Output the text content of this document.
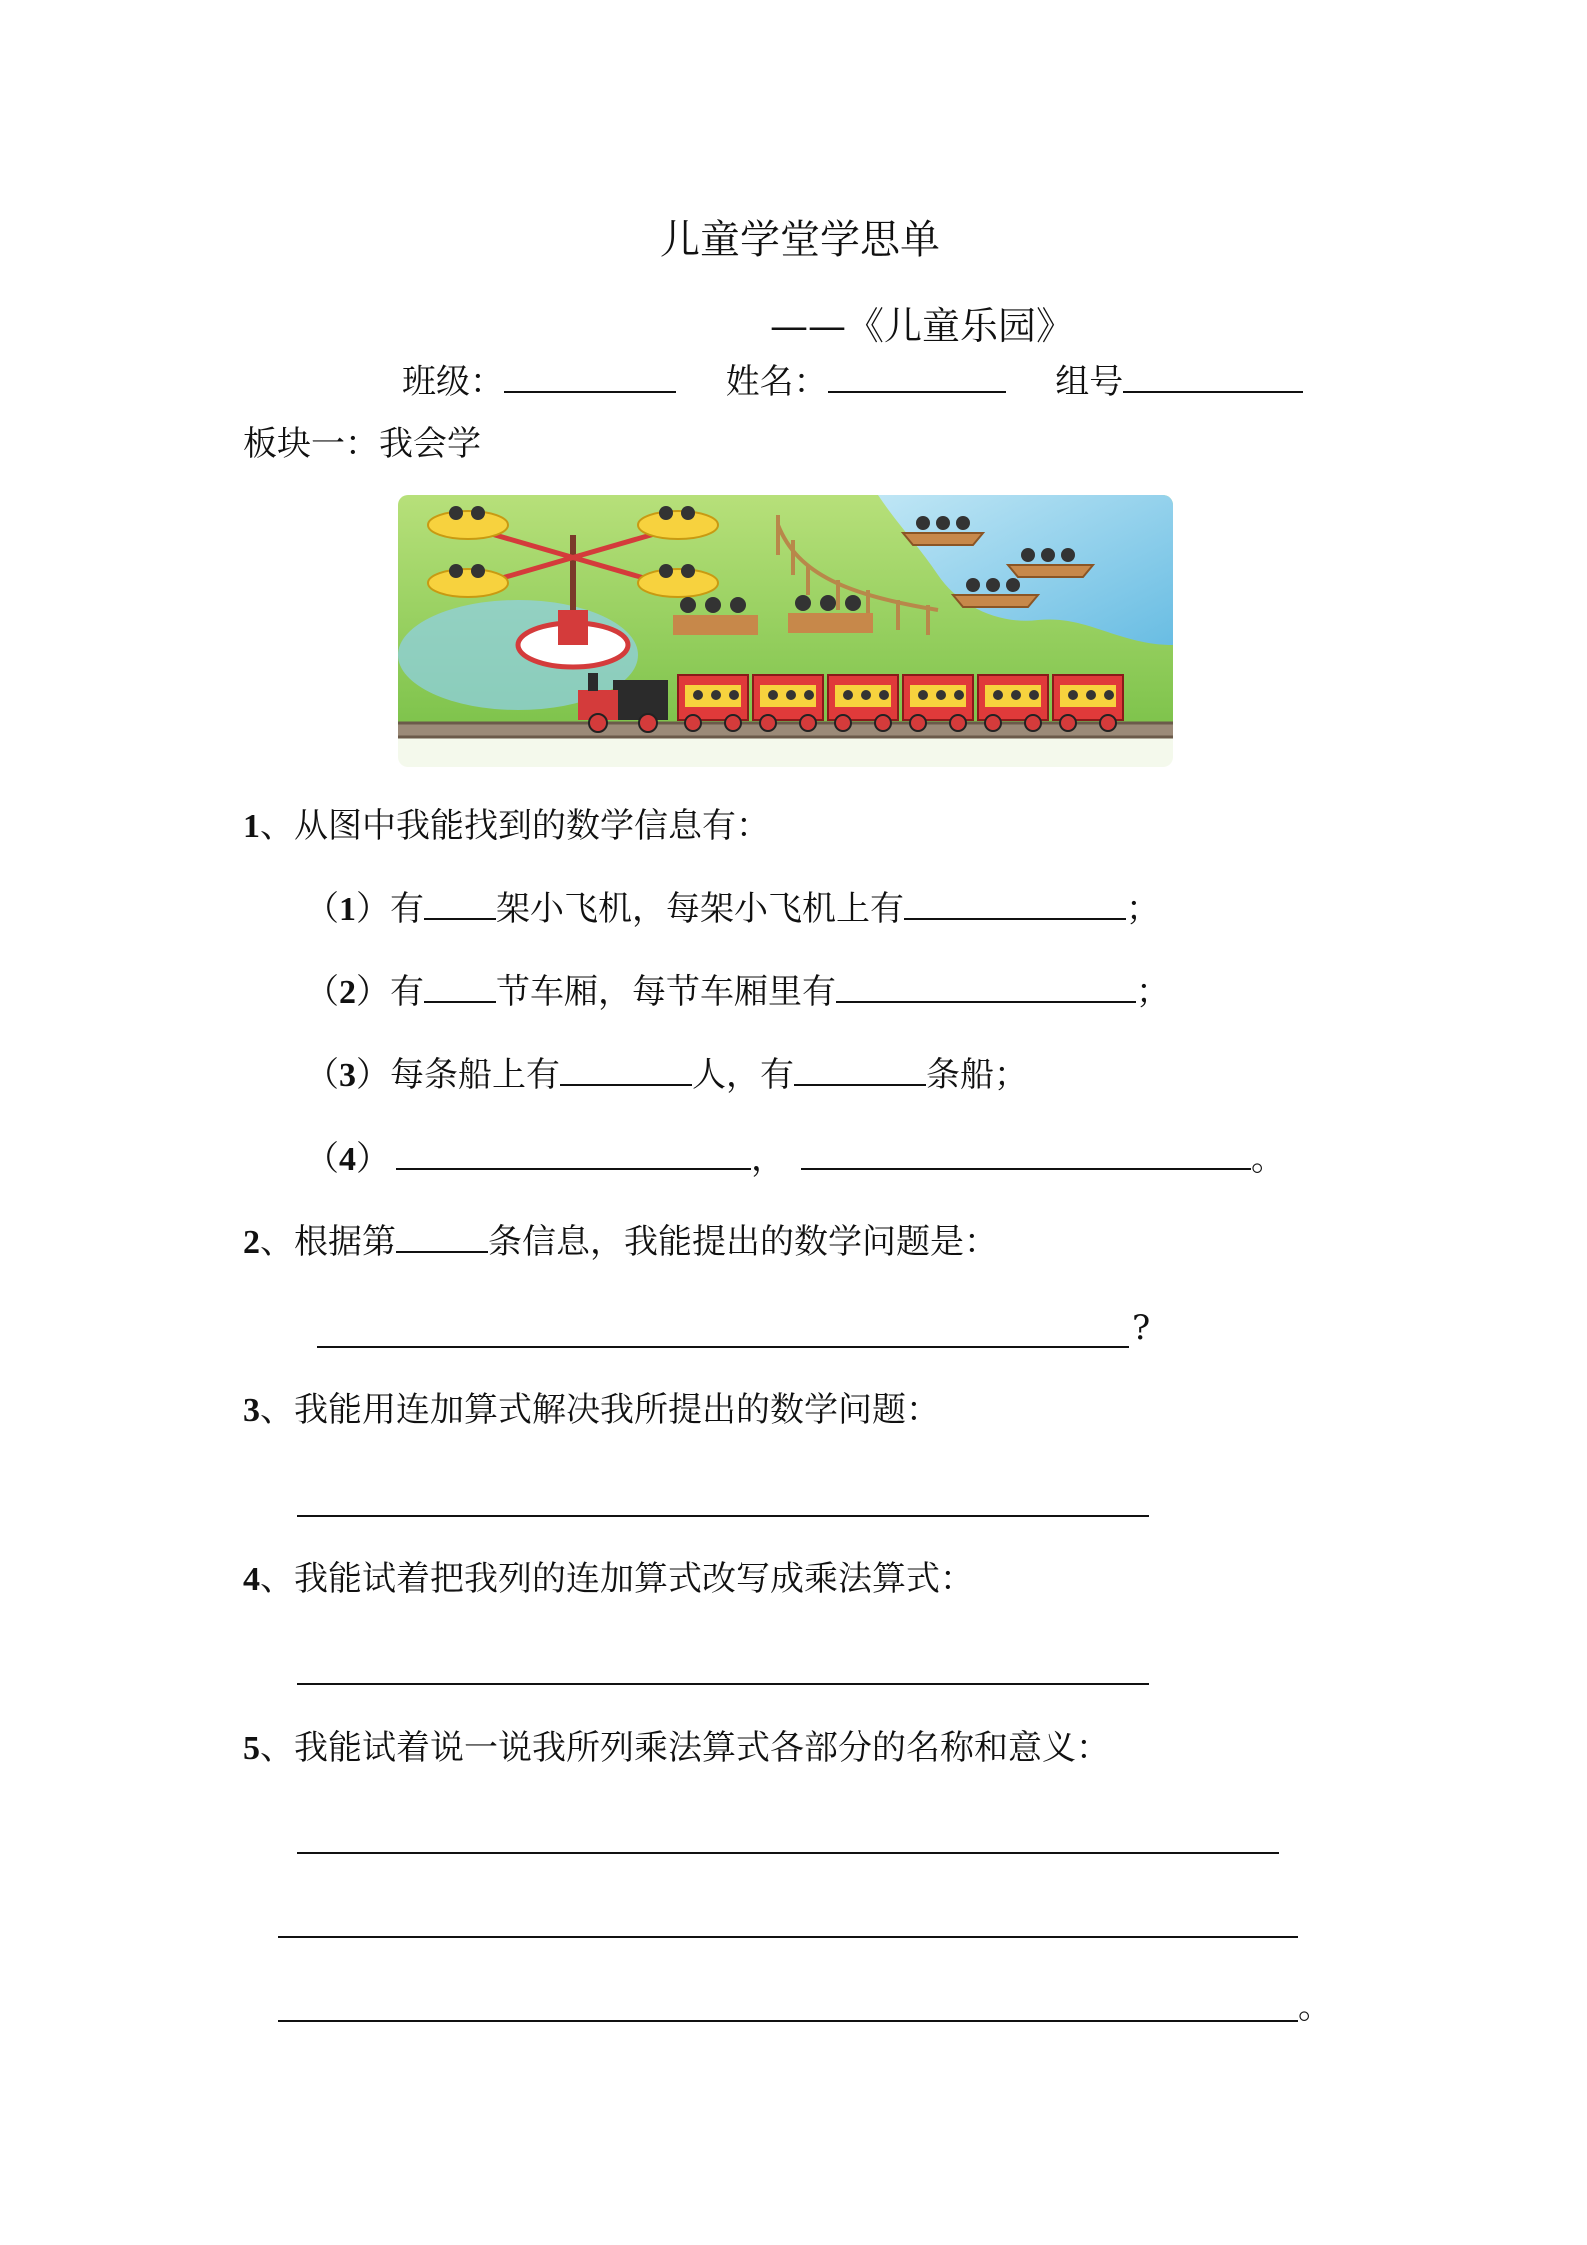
儿童学堂学思单
——《儿童乐园》
班级：	姓名：	组号
板块一：我会学
1、从图中我能找到的数学信息有：
（1）有 架小飞机，每架小飞机上有	；
（2）有 节车厢，每节车厢里有	；
（3）每条船上有	人，有	条船；
（4）	，	。
2、根据第	条信息，我能提出的数学问题是：
?
3、我能用连加算式解决我所提出的数学问题：
4、我能试着把我列的连加算式改写成乘法算式：
5、我能试着说一说我所列乘法算式各部分的名称和意义：
。
